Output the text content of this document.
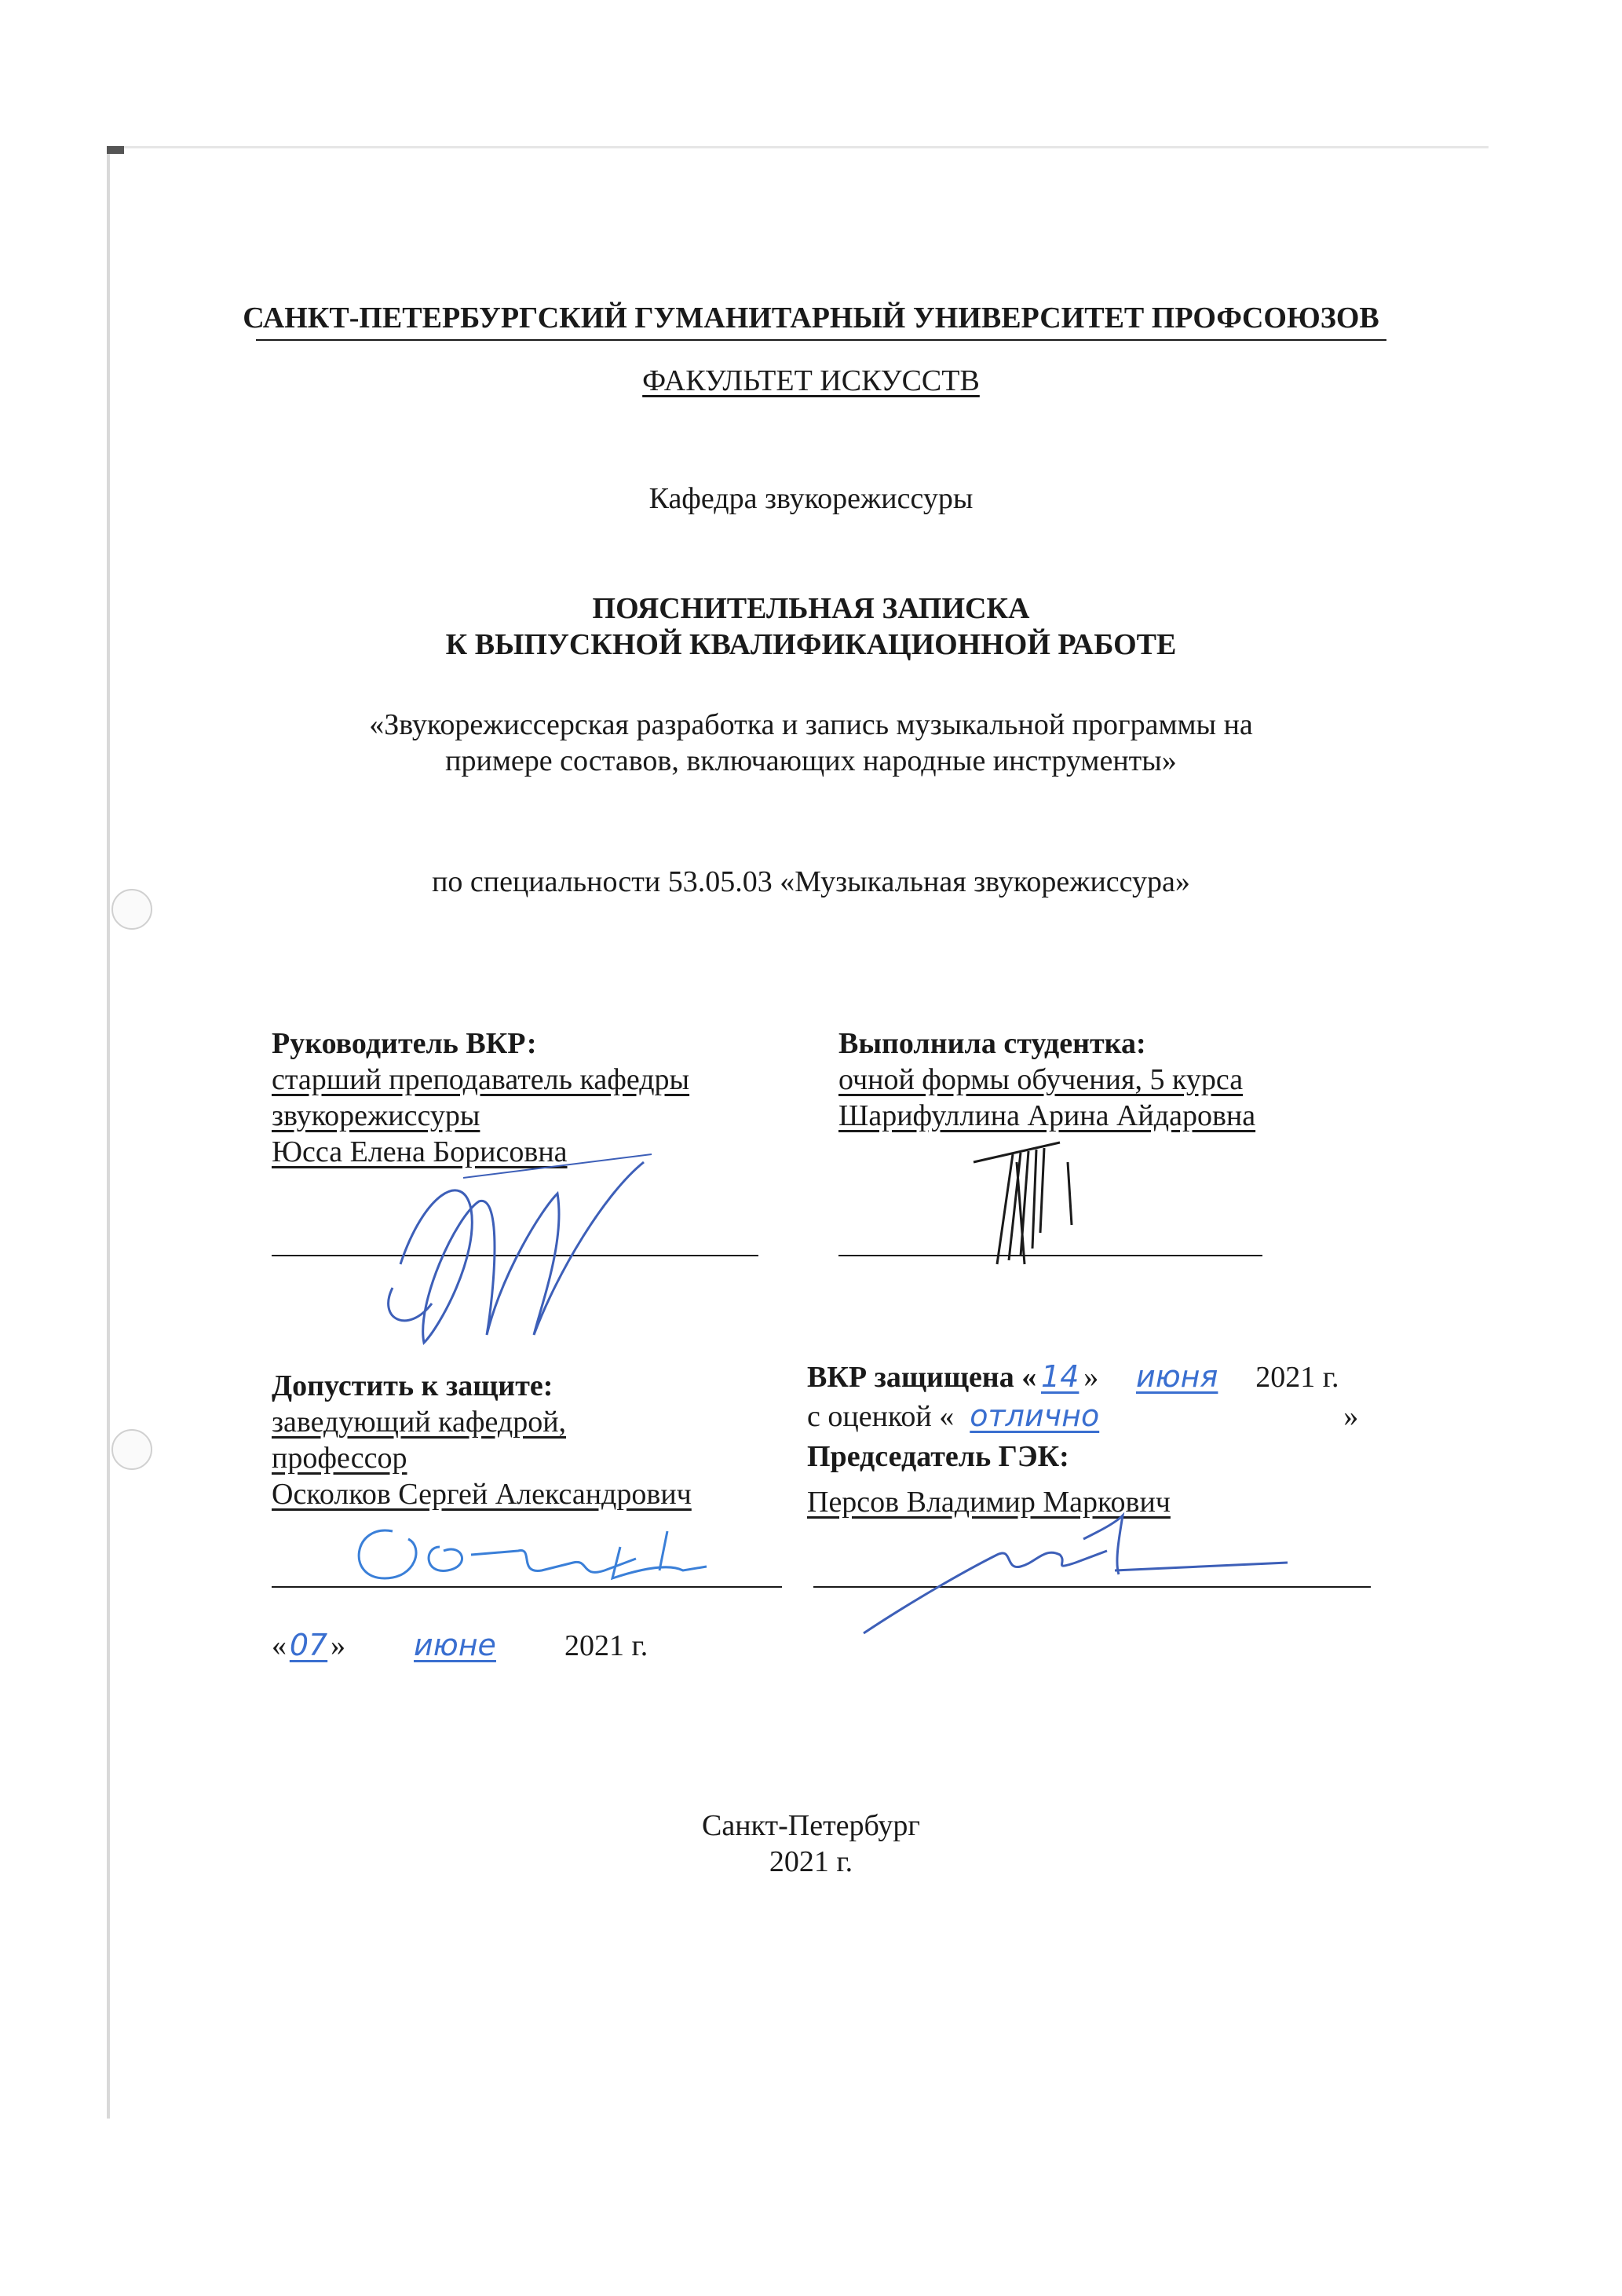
САНКТ-ПЕТЕРБУРГСКИЙ ГУМАНИТАРНЫЙ УНИВЕРСИТЕТ ПРОФСОЮЗОВ
ФАКУЛЬТЕТ ИСКУССТВ
Кафедра звукорежиссуры
ПОЯСНИТЕЛЬНАЯ ЗАПИСКА
К ВЫПУСКНОЙ КВАЛИФИКАЦИОННОЙ РАБОТЕ
«Звукорежиссерская разработка и запись музыкальной программы на
примере составов, включающих народные инструменты»
по специальности 53.05.03 «Музыкальная звукорежиссура»
Руководитель ВКР:
старший преподаватель кафедры
звукорежиссуры
Юсса Елена Борисовна
Выполнила студентка:
очной формы обучения, 5 курса
Шарифуллина Арина Айдаровна
Допустить к защите:
заведующий кафедрой,
профессор
Осколков Сергей Александрович
« 07 » июне 2021 г.
ВКР защищена « 14 » июня 2021 г.
с оценкой « отлично	»
Председатель ГЭК:
Персов Владимир Маркович
Санкт-Петербург
2021 г.
